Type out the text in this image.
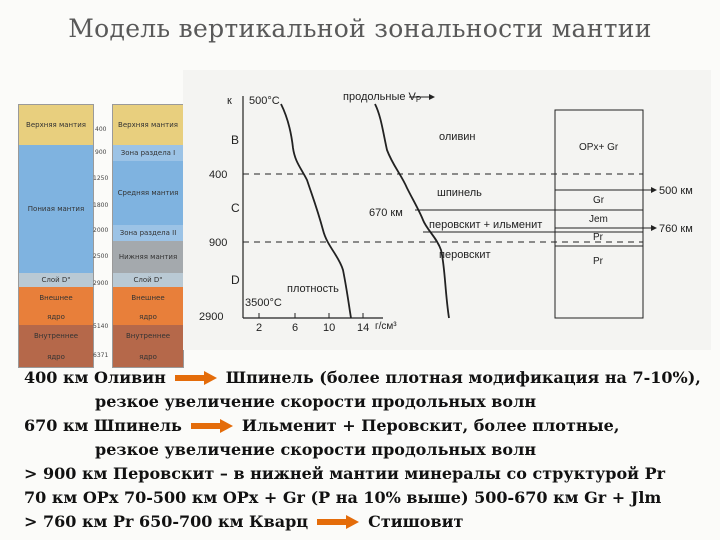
Модель вертикальной зональности мантии
Верхняя мантия
Пониая мантия
Слой D"
Внешнее
ядро
Внутреннее
ядро
400
900
1250
1800
2000
2500
2900
5140
6371
Верхняя мантия
Зона раздела I
Средняя мантия
Зона раздела II
Нижняя мантия
Слой D"
Внешнее
ядро
Внутреннее
ядро
2	6 10 14 г/см³
400
900
2900
к
B
C
D
500°C
3500°C
продольные VP
плотность
670 км
оливин
шпинель
перовскит + ильменит
перовскит
OPx+ Gr
Gr
Jem
Pr
Pr
500 км
760 км
400 км Оливин	Шпинель (более плотная модификация на 7-10%),
резкое увеличение скорости продольных волн
670 км Шпинель	Ильменит + Перовскит, более плотные,
резкое увеличение скорости продольных волн
> 900 км Перовскит – в нижней мантии минералы со структурой Pr
70 км OPx 70-500 км OPx + Gr (P на 10% выше) 500-670 км Gr + Jlm
> 760 км Pr 650-700 км Кварц	Стишовит
